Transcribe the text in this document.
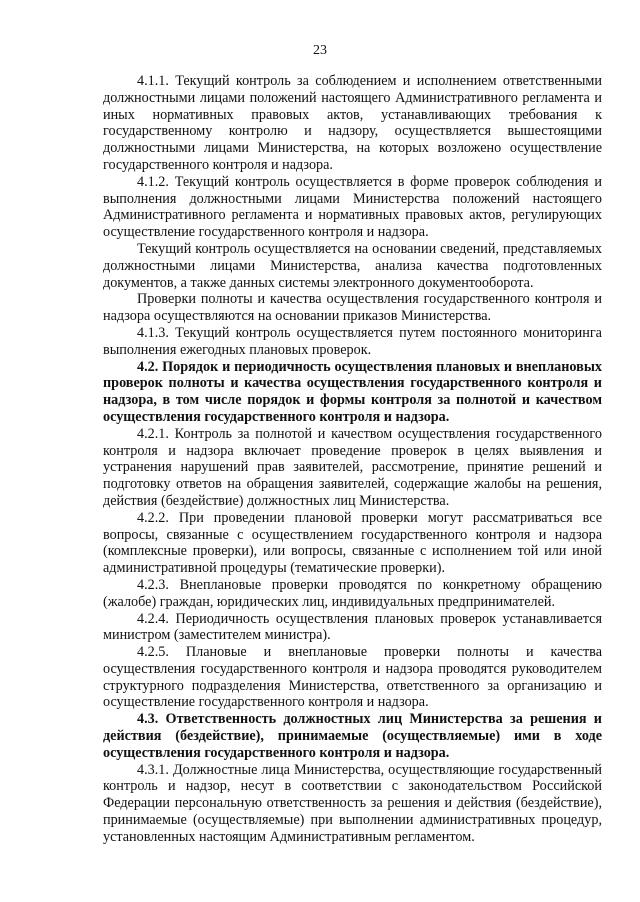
23

4.1.1. Текущий контроль за соблюдением и исполнением ответственными должностными лицами положений настоящего Административного регламента и иных нормативных правовых актов, устанавливающих требования к государственному контролю и надзору, осуществляется вышестоящими должностными лицами Министерства, на которых возложено осуществление государственного контроля и надзора.

4.1.2. Текущий контроль осуществляется в форме проверок соблюдения и выполнения должностными лицами Министерства положений настоящего Административного регламента и нормативных правовых актов, регулирующих осуществление государственного контроля и надзора.

Текущий контроль осуществляется на основании сведений, представляемых должностными лицами Министерства, анализа качества подготовленных документов, а также данных системы электронного документооборота.

Проверки полноты и качества осуществления государственного контроля и надзора осуществляются на основании приказов Министерства.

4.1.3. Текущий контроль осуществляется путем постоянного мониторинга выполнения ежегодных плановых проверок.

4.2. Порядок и периодичность осуществления плановых и внеплановых проверок полноты и качества осуществления государственного контроля и надзора, в том числе порядок и формы контроля за полнотой и качеством осуществления государственного контроля и надзора.

4.2.1. Контроль за полнотой и качеством осуществления государственного контроля и надзора включает проведение проверок в целях выявления и устранения нарушений прав заявителей, рассмотрение, принятие решений и подготовку ответов на обращения заявителей, содержащие жалобы на решения, действия (бездействие) должностных лиц Министерства.

4.2.2. При проведении плановой проверки могут рассматриваться все вопросы, связанные с осуществлением государственного контроля и надзора (комплексные проверки), или вопросы, связанные с исполнением той или иной административной процедуры (тематические проверки).

4.2.3. Внеплановые проверки проводятся по конкретному обращению (жалобе) граждан, юридических лиц, индивидуальных предпринимателей.

4.2.4. Периодичность осуществления плановых проверок устанавливается министром (заместителем министра).

4.2.5. Плановые и внеплановые проверки полноты и качества осуществления государственного контроля и надзора проводятся руководителем структурного подразделения Министерства, ответственного за организацию и осуществление государственного контроля и надзора.

4.3. Ответственность должностных лиц Министерства за решения и действия (бездействие), принимаемые (осуществляемые) ими в ходе осуществления государственного контроля и надзора.

4.3.1. Должностные лица Министерства, осуществляющие государственный контроль и надзор, несут в соответствии с законодательством Российской Федерации персональную ответственность за решения и действия (бездействие), принимаемые (осуществляемые) при выполнении административных процедур, установленных настоящим Административным регламентом.
